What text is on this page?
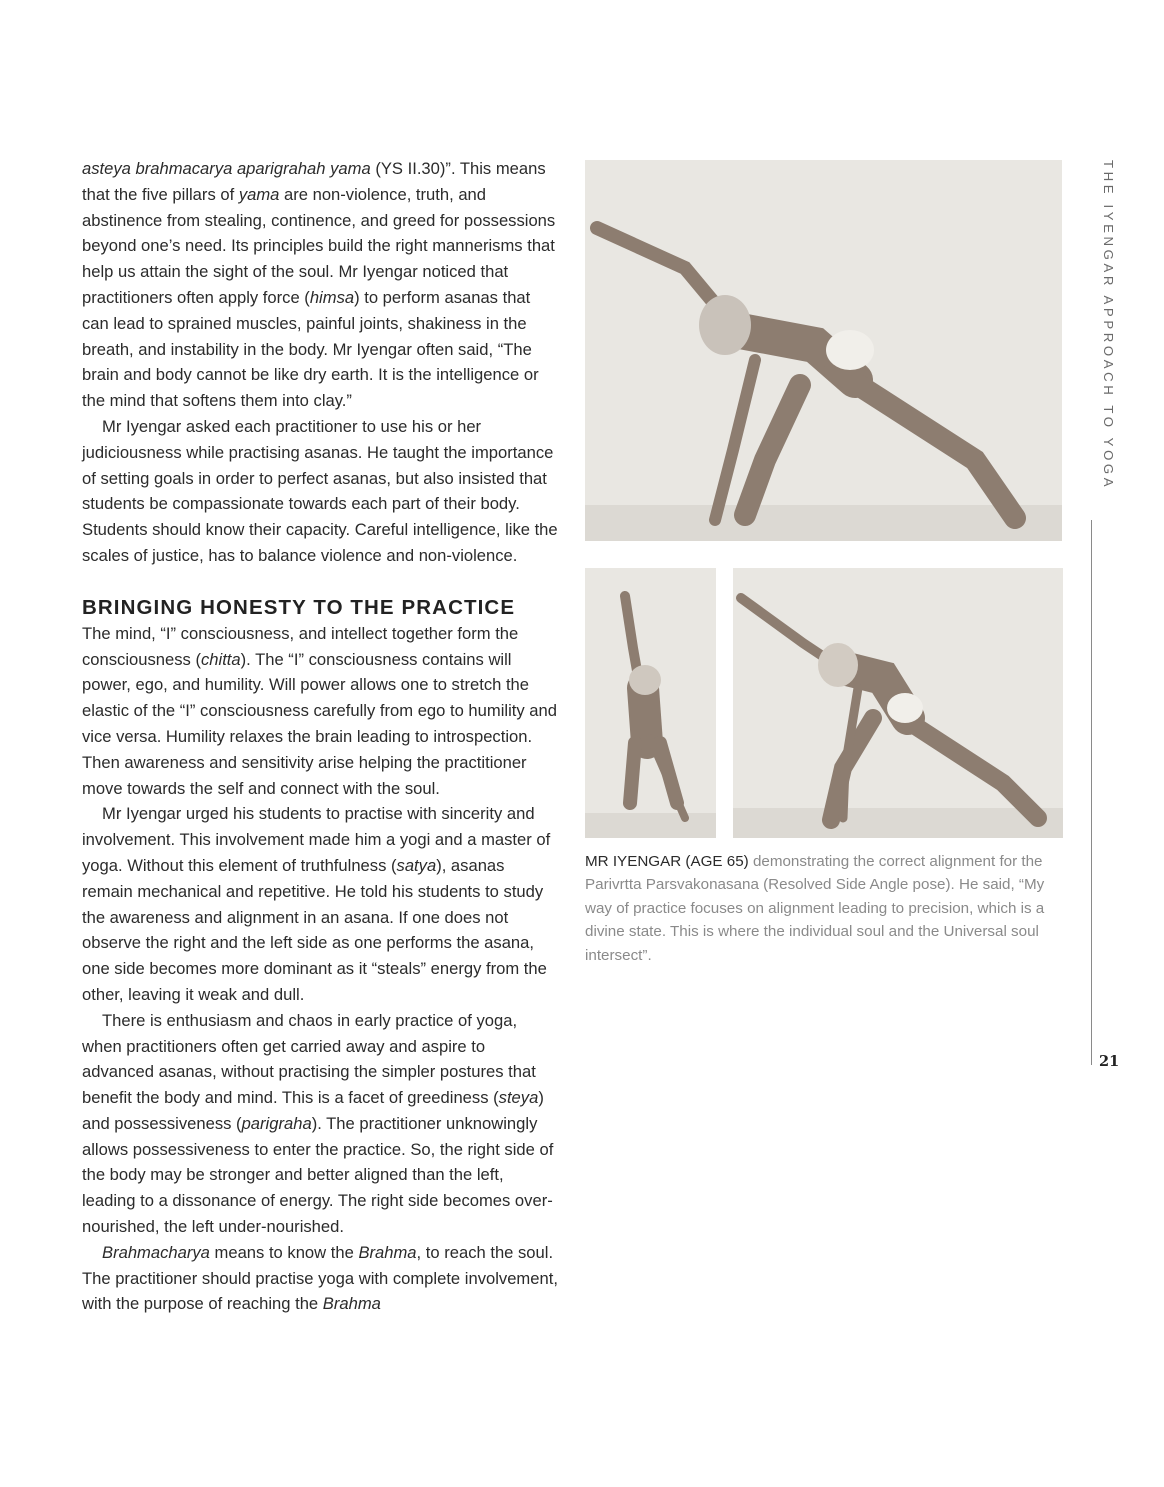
asteya brahmacarya aparigrahah yama (YS II.30)”. This means that the five pillars of yama are non-violence, truth, and abstinence from stealing, continence, and greed for possessions beyond one’s need. Its principles build the right mannerisms that help us attain the sight of the soul. Mr Iyengar noticed that practitioners often apply force (himsa) to perform asanas that can lead to sprained muscles, painful joints, shakiness in the breath, and instability in the body. Mr Iyengar often said, “The brain and body cannot be like dry earth. It is the intelligence or the mind that softens them into clay.”

Mr Iyengar asked each practitioner to use his or her judiciousness while practising asanas. He taught the importance of setting goals in order to perfect asanas, but also insisted that students be compassionate towards each part of their body. Students should know their capacity. Careful intelligence, like the scales of justice, has to balance violence and non-violence.

BRINGING HONESTY TO THE PRACTICE

The mind, “I” consciousness, and intellect together form the consciousness (chitta). The “I” consciousness contains will power, ego, and humility. Will power allows one to stretch the elastic of the “I” consciousness carefully from ego to humility and vice versa. Humility relaxes the brain leading to introspection. Then awareness and sensitivity arise helping the practitioner move towards the self and connect with the soul.

Mr Iyengar urged his students to practise with sincerity and involvement. This involvement made him a yogi and a master of yoga. Without this element of truthfulness (satya), asanas remain mechanical and repetitive. He told his students to study the awareness and alignment in an asana. If one does not observe the right and the left side as one performs the asana, one side becomes more dominant as it “steals” energy from the other, leaving it weak and dull.

There is enthusiasm and chaos in early practice of yoga, when practitioners often get carried away and aspire to advanced asanas, without practising the simpler postures that benefit the body and mind. This is a facet of greediness (steya) and possessiveness (parigraha). The practitioner unknowingly allows possessiveness to enter the practice. So, the right side of the body may be stronger and better aligned than the left, leading to a dissonance of energy. The right side becomes over-nourished, the left under-nourished.

Brahmacharya means to know the Brahma, to reach the soul. The practitioner should practise yoga with complete involvement, with the purpose of reaching the Brahma

MR IYENGAR (AGE 65) demonstrating the correct alignment for the Parivrtta Parsvakonasana (Resolved Side Angle pose). He said, “My way of practice focuses on alignment leading to precision, which is a divine state. This is where the individual soul and the Universal soul intersect”.
THE IYENGAR APPROACH TO YOGA
21
